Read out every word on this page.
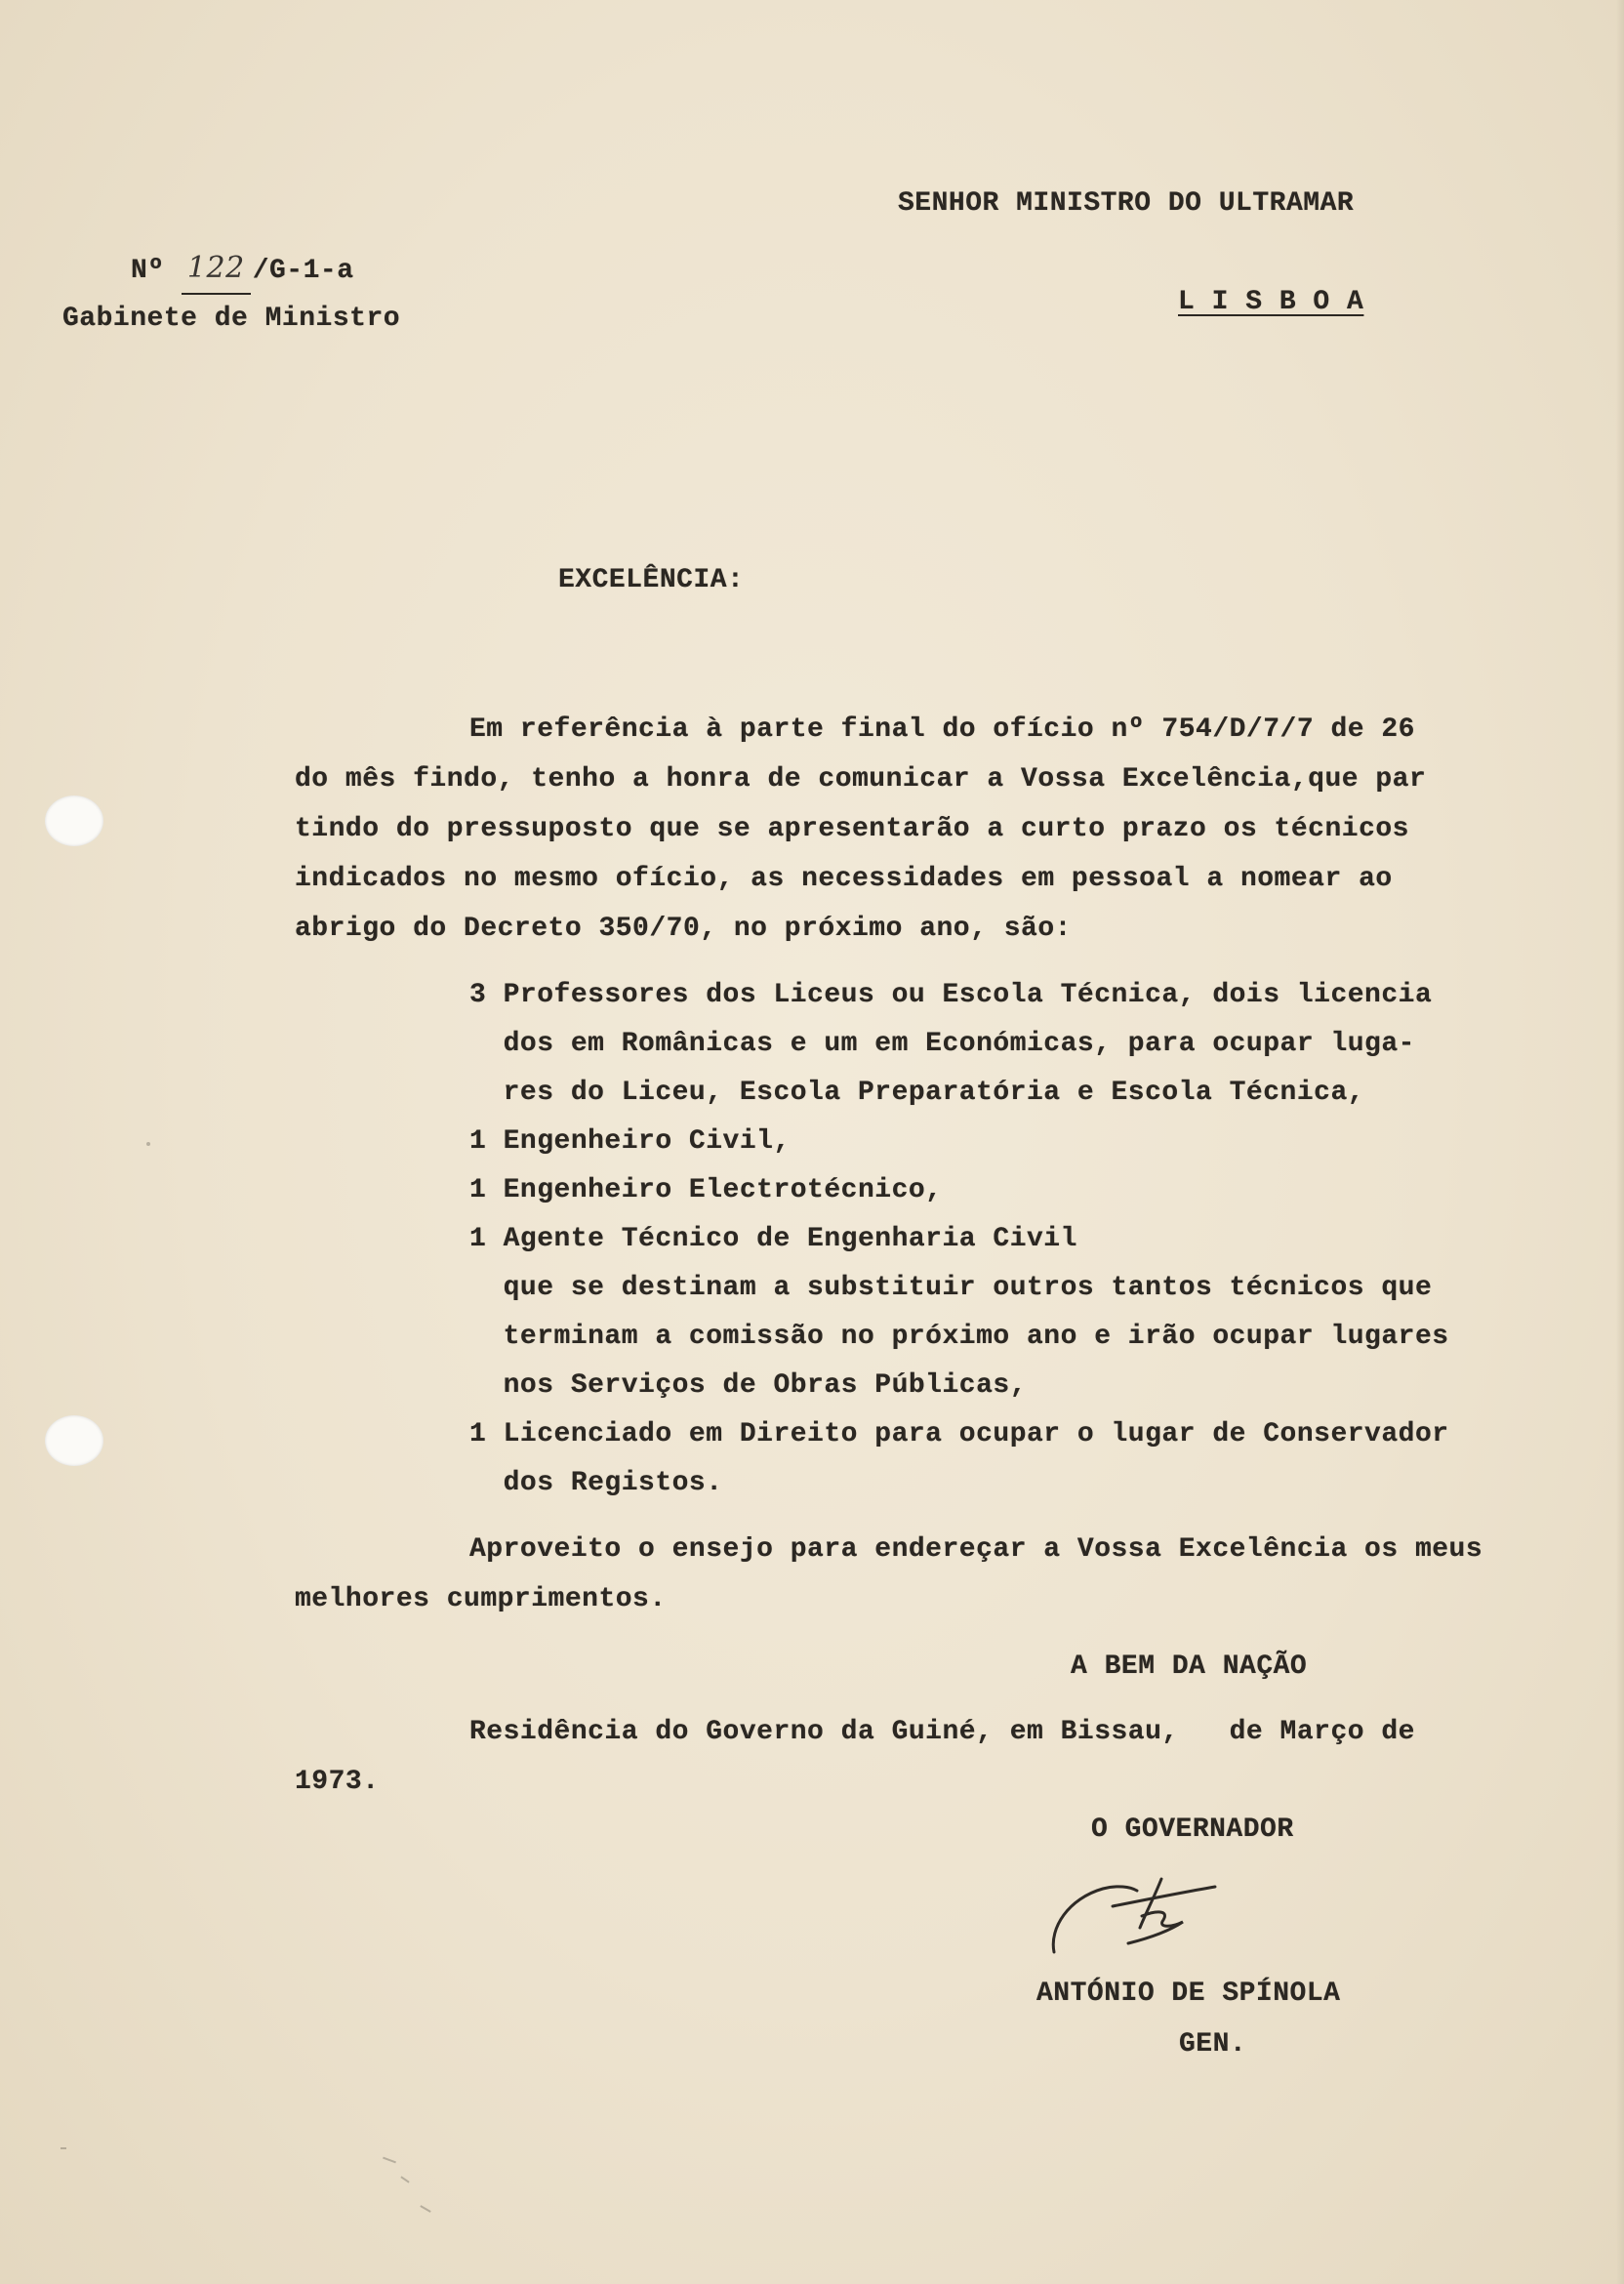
SENHOR MINISTRO DO ULTRAMAR
L I S B O A
Nº 122 /G-1-a
Gabinete de Ministro
EXCELÊNCIA:
Em referência à parte final do ofício nº 754/D/7/7 de 26
do mês findo, tenho a honra de comunicar a Vossa Excelência,que par
tindo do pressuposto que se apresentarão a curto prazo os técnicos
indicados no mesmo ofício, as necessidades em pessoal a nomear ao
abrigo do Decreto 350/70, no próximo ano, são:
3 Professores dos Liceus ou Escola Técnica, dois licencia
dos em Românicas e um em Económicas, para ocupar luga-
res do Liceu, Escola Preparatória e Escola Técnica,
1 Engenheiro Civil,
1 Engenheiro Electrotécnico,
1 Agente Técnico de Engenharia Civil
que se destinam a substituir outros tantos técnicos que
terminam a comissão no próximo ano e irão ocupar lugares
nos Serviços de Obras Públicas,
1 Licenciado em Direito para ocupar o lugar de Conservador
dos Registos.
Aproveito o ensejo para endereçar a Vossa Excelência os meus
melhores cumprimentos.
A BEM DA NAÇÃO
Residência do Governo da Guiné, em Bissau,   de Março de
1973.
O GOVERNADOR
ANTÓNIO DE SPÍNOLA
GEN.
